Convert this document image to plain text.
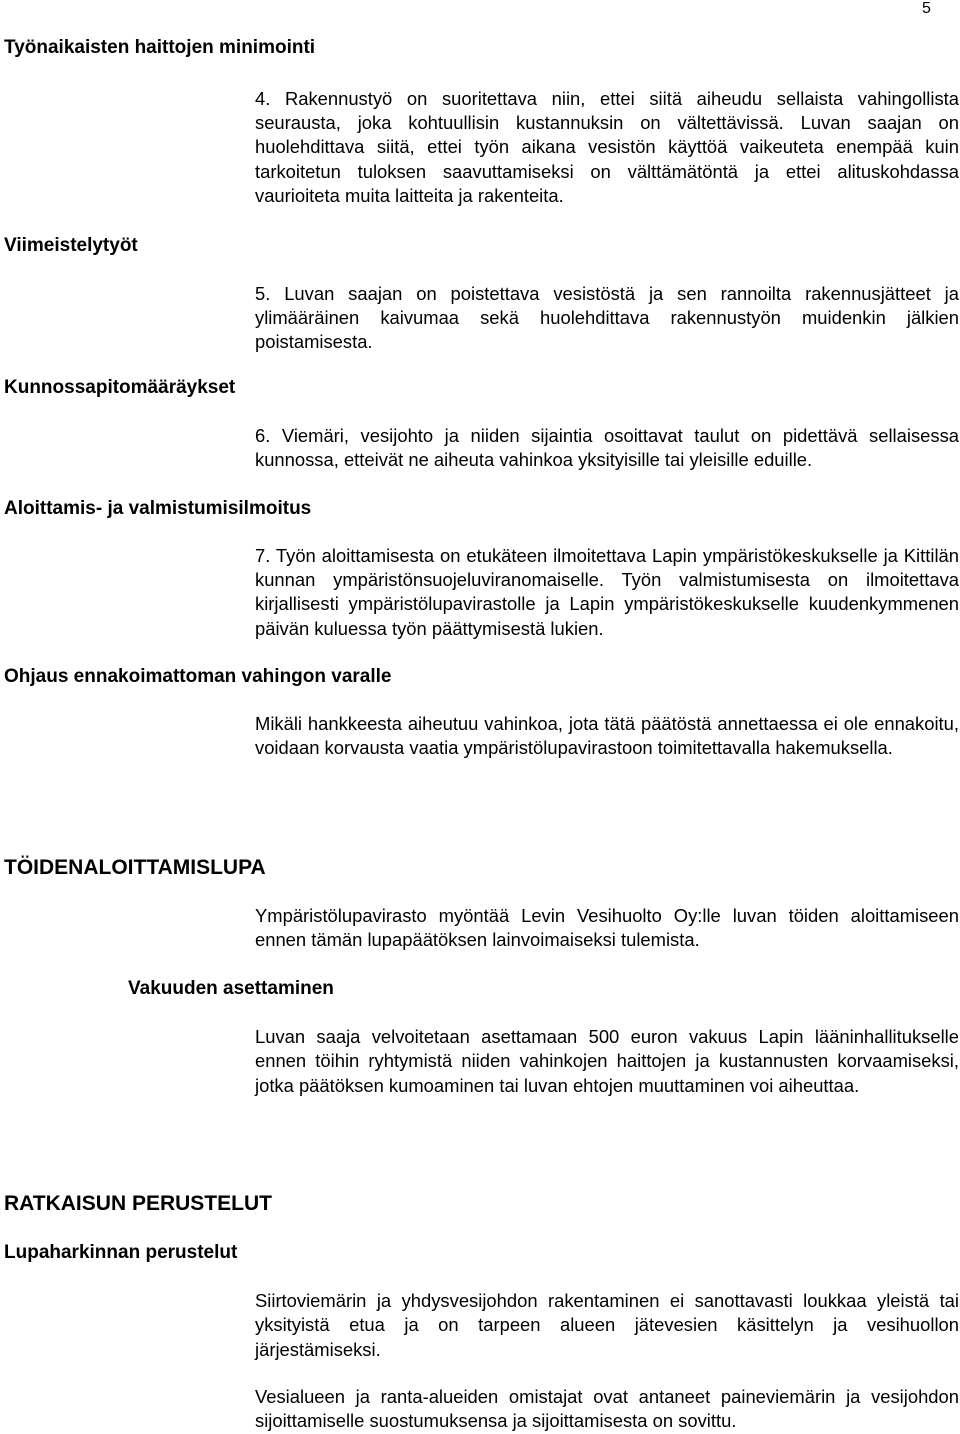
5
Työnaikaisten haittojen minimointi
Viimeistelytyöt
Kunnossapitomääräykset
Aloittamis- ja valmistumisilmoitus
Ohjaus ennakoimattoman vahingon varalle
TÖIDENALOITTAMISLUPA
Vakuuden asettaminen
RATKAISUN PERUSTELUT
Lupaharkinnan perustelut
4. Rakennustyö on suoritettava niin, ettei siitä aiheudu sellaista vahingollista seurausta, joka kohtuullisin kustannuksin on vältettävissä. Luvan saajan on huolehdittava siitä, ettei työn aikana vesistön käyttöä vaikeuteta enempää kuin tarkoitetun tuloksen saavuttamiseksi on välttämätöntä ja ettei alituskohdassa vaurioiteta muita laitteita ja rakenteita.
5. Luvan saajan on poistettava vesistöstä ja sen rannoilta rakennusjätteet ja ylimääräinen kaivumaa sekä huolehdittava rakennustyön muidenkin jälkien poistamisesta.
6. Viemäri, vesijohto ja niiden sijaintia osoittavat taulut on pidettävä sellaisessa kunnossa, etteivät ne aiheuta vahinkoa yksityisille tai yleisille eduille.
7. Työn aloittamisesta on etukäteen ilmoitettava Lapin ympäristökeskukselle ja Kittilän kunnan ympäristönsuojeluviranomaiselle. Työn valmistumisesta on ilmoitettava kirjallisesti ympäristölupavirastolle ja Lapin ympäristökeskukselle kuudenkymmenen päivän kuluessa työn päättymisestä lukien.
Mikäli hankkeesta aiheutuu vahinkoa, jota tätä päätöstä annettaessa ei ole ennakoitu, voidaan korvausta vaatia ympäristölupavirastoon toimitettavalla hakemuksella.
Ympäristölupavirasto myöntää Levin Vesihuolto Oy:lle luvan töiden aloittamiseen ennen tämän lupapäätöksen lainvoimaiseksi tulemista.
Luvan saaja velvoitetaan asettamaan 500 euron vakuus Lapin lääninhallitukselle ennen töihin ryhtymistä niiden vahinkojen haittojen ja kustannusten korvaamiseksi, jotka päätöksen kumoaminen tai luvan ehtojen muuttaminen voi aiheuttaa.
Siirtoviemärin ja yhdysvesijohdon rakentaminen ei sanottavasti loukkaa yleistä tai yksityistä etua ja on tarpeen alueen jätevesien käsittelyn ja vesihuollon järjestämiseksi.
Vesialueen ja ranta-alueiden omistajat ovat antaneet paineviemärin ja vesijohdon sijoittamiselle suostumuksensa ja sijoittamisesta on sovittu.
